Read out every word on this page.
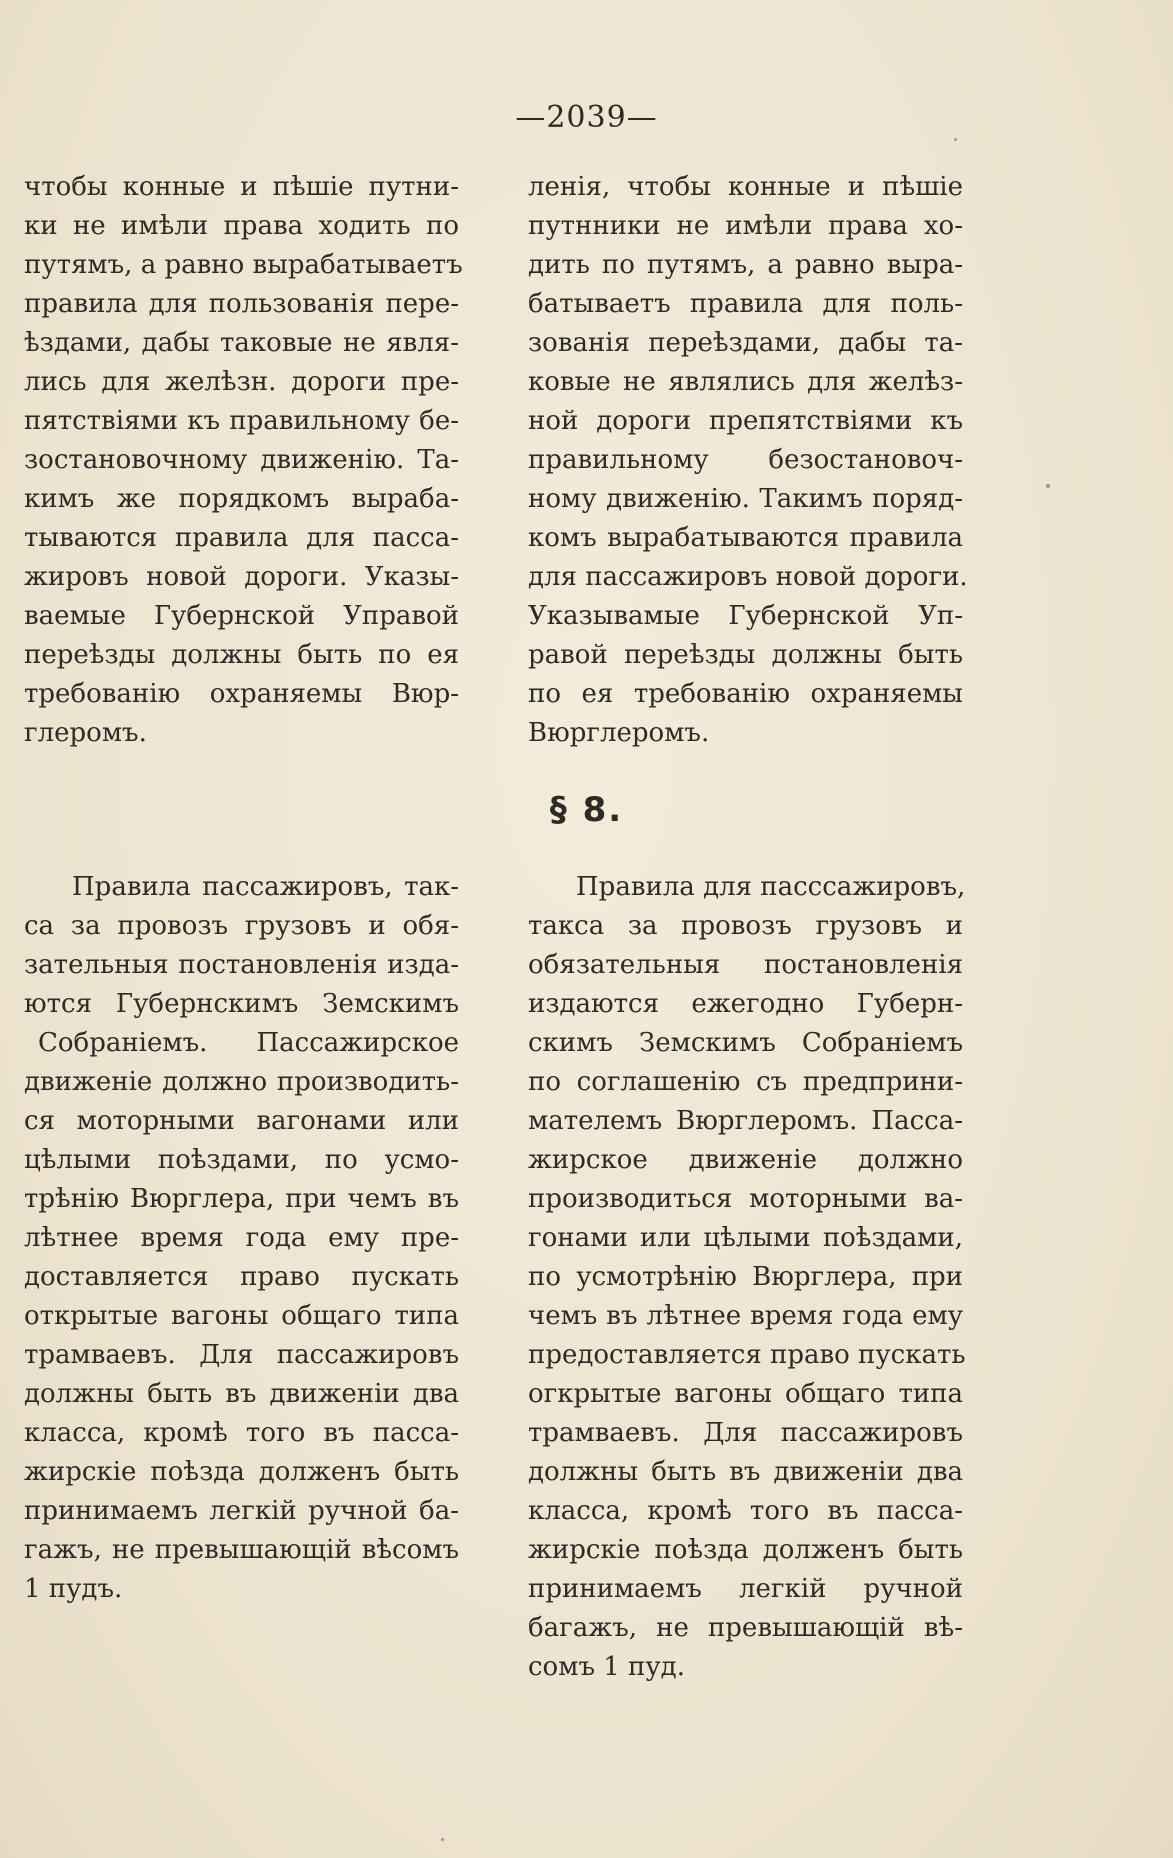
—2039—
чтобы конные и пѣшiе путни-
ки не имѣли права ходить по
путямъ, а равно вырабатываетъ
правила для пользованiя пере-
ѣздами, дабы таковые не явля-
лись для желѣзн. дороги пре-
пятствiями къ правильному бе-
зостановочному движенiю. Та-
кимъ же порядкомъ выраба-
тываются правила для пасса-
жировъ новой дороги. Указы-
ваемые Губернской Управой
переѣзды должны быть по ея
требованiю охраняемы Вюр-
глеромъ.
ленiя, чтобы конные и пѣшiе
путнники не имѣли права хо-
дить по путямъ, а равно выра-
батываетъ правила для поль-
зованiя переѣздами, дабы та-
ковые не являлись для желѣз-
ной дороги препятствiями къ
правильному безостановоч-
ному движенiю. Такимъ поряд-
комъ вырабатываются правила
для пассажировъ новой дороги.
Указывамые Губернской Уп-
равой переѣзды должны быть
по ея требованiю охраняемы
Вюрглеромъ.
§ 8.
Правила пассажировъ, так-
са за провозъ грузовъ и обя-
зательныя постановленiя изда-
ются Губернскимъ Земскимъ
Собранiемъ. Пассажирское
движенiе должно производить-
ся моторными вагонами или
цѣлыми поѣздами, по усмо-
трѣнiю Вюрглера, при чемъ въ
лѣтнее время года ему пре-
доставляется право пускать
открытые вагоны общаго типа
трамваевъ. Для пассажировъ
должны быть въ движенiи два
класса, кромѣ того въ пасса-
жирскiе поѣзда долженъ быть
принимаемъ легкiй ручной ба-
гажъ, не превышающiй вѣсомъ
1 пудъ.
Правила для пасссажировъ,
такса за провозъ грузовъ и
обязательныя постановленiя
издаются ежегодно Губерн-
скимъ Земскимъ Собранiемъ
по соглашенiю съ предприни-
мателемъ Вюрглеромъ. Пасса-
жирское движенiе должно
производиться моторными ва-
гонами или цѣлыми поѣздами,
по усмотрѣнiю Вюрглера, при
чемъ въ лѣтнее время года ему
предоставляется право пускать
огкрытые вагоны общаго типа
трамваевъ. Для пассажировъ
должны быть въ движенiи два
класса, кромѣ того въ пасса-
жирскiе поѣзда долженъ быть
принимаемъ легкiй ручной
багажъ, не превышающiй вѣ-
сомъ 1 пуд.
